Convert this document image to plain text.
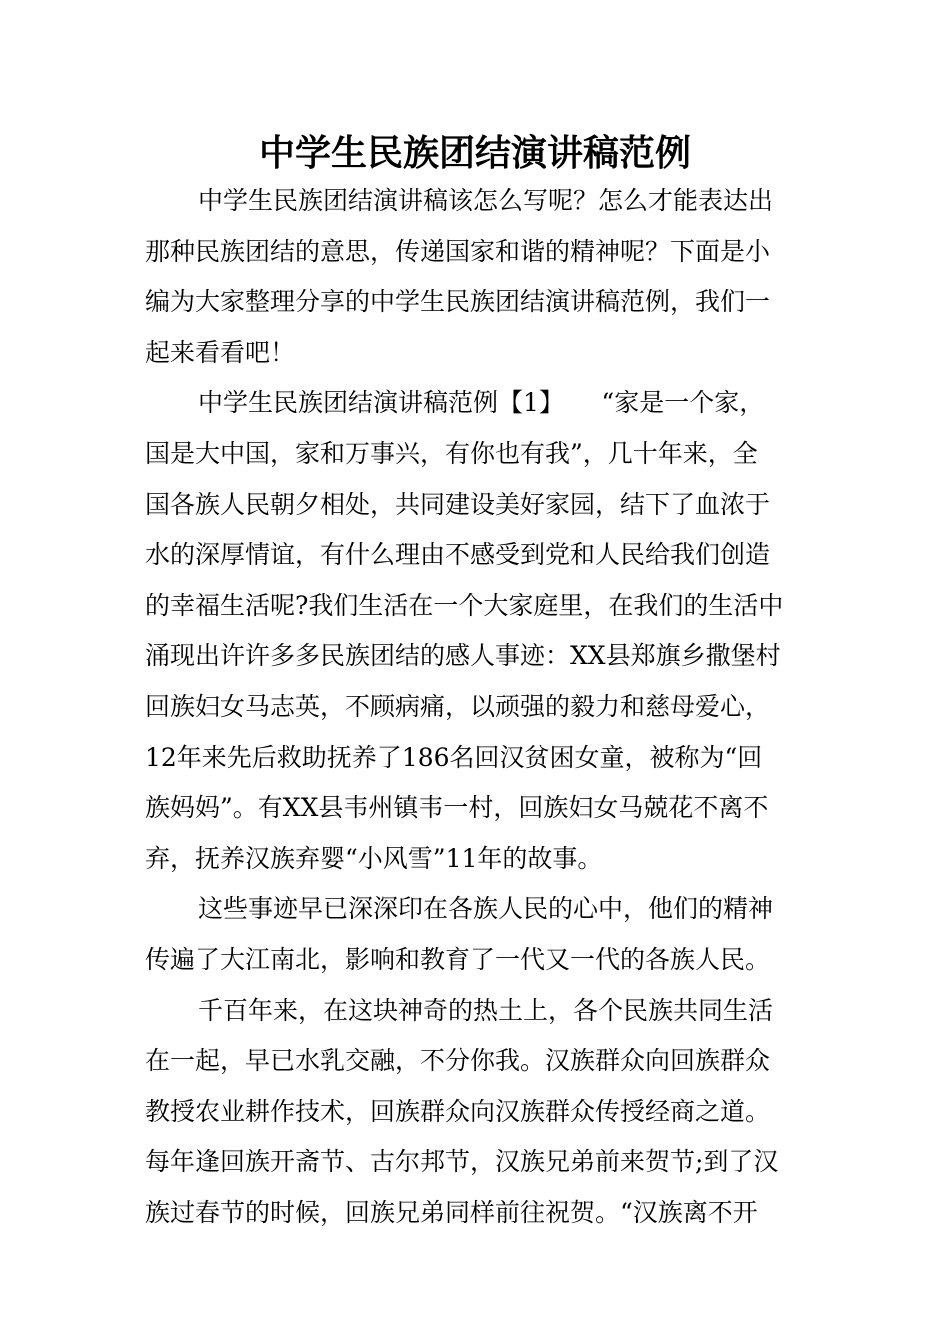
中学生民族团结演讲稿范例
中学生民族团结演讲稿该怎么写呢？怎么才能表达出
那种民族团结的意思，传递国家和谐的精神呢？下面是小
编为大家整理分享的中学生民族团结演讲稿范例，我们一
起来看看吧！
中学生民族团结演讲稿范例【1】　　“家是一个家，
国是大中国，家和万事兴，有你也有我”，几十年来，全
国各族人民朝夕相处，共同建设美好家园，结下了血浓于
水的深厚情谊，有什么理由不感受到党和人民给我们创造
的幸福生活呢?我们生活在一个大家庭里，在我们的生活中
涌现出许许多多民族团结的感人事迹：XX县郑旗乡撒堡村
回族妇女马志英，不顾病痛，以顽强的毅力和慈母爱心，
12年来先后救助抚养了186名回汉贫困女童，被称为“回
族妈妈”。有XX县韦州镇韦一村，回族妇女马兢花不离不
弃，抚养汉族弃婴“小风雪”11年的故事。
这些事迹早已深深印在各族人民的心中，他们的精神
传遍了大江南北，影响和教育了一代又一代的各族人民。
千百年来，在这块神奇的热土上，各个民族共同生活
在一起，早已水乳交融，不分你我。汉族群众向回族群众
教授农业耕作技术，回族群众向汉族群众传授经商之道。
每年逢回族开斋节、古尔邦节，汉族兄弟前来贺节;到了汉
族过春节的时候，回族兄弟同样前往祝贺。“汉族离不开
